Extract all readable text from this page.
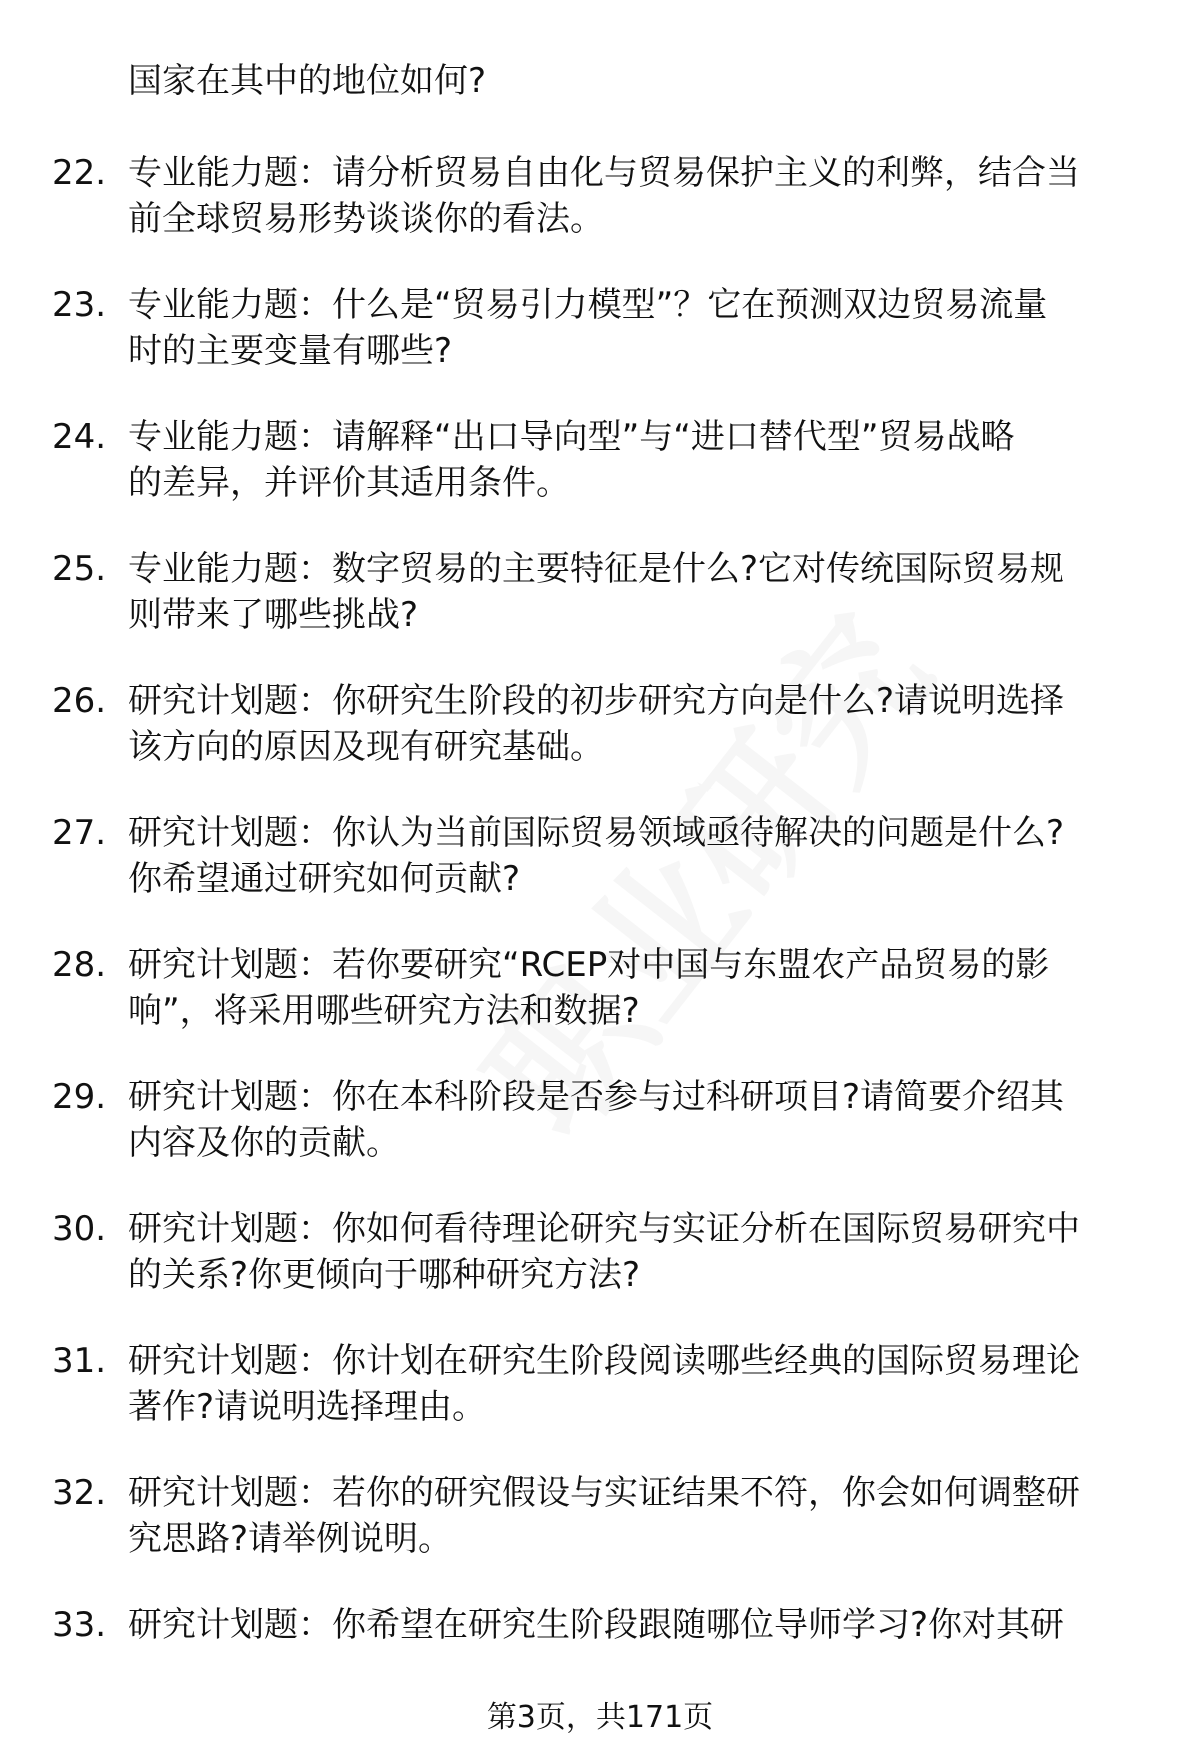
国家在其中的地位如何?
22. 专业能力题：请分析贸易自由化与贸易保护主义的利弊，结合当
前全球贸易形势谈谈你的看法。
23. 专业能力题：什么是“贸易引力模型”？它在预测双边贸易流量
时的主要变量有哪些?
24. 专业能力题：请解释“出口导向型”与“进口替代型”贸易战略
的差异，并评价其适用条件。
25. 专业能力题：数字贸易的主要特征是什么?它对传统国际贸易规
则带来了哪些挑战?
26. 研究计划题：你研究生阶段的初步研究方向是什么?请说明选择
该方向的原因及现有研究基础。
27. 研究计划题：你认为当前国际贸易领域亟待解决的问题是什么?
你希望通过研究如何贡献?
28. 研究计划题：若你要研究“RCEP对中国与东盟农产品贸易的影
响”，将采用哪些研究方法和数据?
29. 研究计划题：你在本科阶段是否参与过科研项目?请简要介绍其
内容及你的贡献。
30. 研究计划题：你如何看待理论研究与实证分析在国际贸易研究中
的关系?你更倾向于哪种研究方法?
31. 研究计划题：你计划在研究生阶段阅读哪些经典的国际贸易理论
著作?请说明选择理由。
32. 研究计划题：若你的研究假设与实证结果不符，你会如何调整研
究思路?请举例说明。
33. 研究计划题：你希望在研究生阶段跟随哪位导师学习?你对其研
第3页，共171页
